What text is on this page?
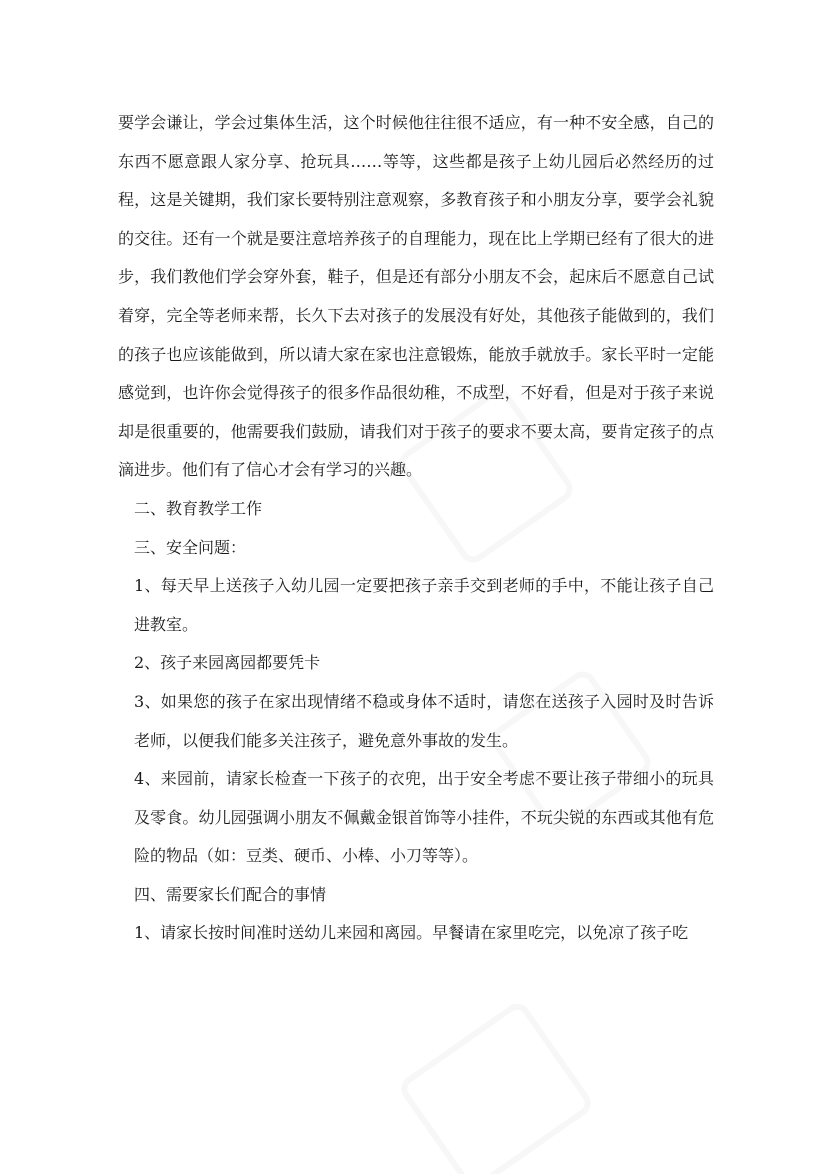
要学会谦让，学会过集体生活，这个时候他往往很不适应，有一种不安全感，自己的东西不愿意跟人家分享、抢玩具……等等，这些都是孩子上幼儿园后必然经历的过程，这是关键期，我们家长要特别注意观察，多教育孩子和小朋友分享，要学会礼貌的交往。还有一个就是要注意培养孩子的自理能力，现在比上学期已经有了很大的进步，我们教他们学会穿外套，鞋子，但是还有部分小朋友不会，起床后不愿意自己试着穿，完全等老师来帮，长久下去对孩子的发展没有好处，其他孩子能做到的，我们的孩子也应该能做到，所以请大家在家也注意锻炼，能放手就放手。家长平时一定能感觉到，也许你会觉得孩子的很多作品很幼稚，不成型，不好看，但是对于孩子来说却是很重要的，他需要我们鼓励，请我们对于孩子的要求不要太高，要肯定孩子的点滴进步。他们有了信心才会有学习的兴趣。

二、教育教学工作

三、安全问题：

1、每天早上送孩子入幼儿园一定要把孩子亲手交到老师的手中，不能让孩子自己进教室。

2、孩子来园离园都要凭卡

3、如果您的孩子在家出现情绪不稳或身体不适时，请您在送孩子入园时及时告诉老师，以便我们能多关注孩子，避免意外事故的发生。

4、来园前，请家长检查一下孩子的衣兜，出于安全考虑不要让孩子带细小的玩具及零食。幼儿园强调小朋友不佩戴金银首饰等小挂件，不玩尖锐的东西或其他有危险的物品（如：豆类、硬币、小棒、小刀等等）。

四、需要家长们配合的事情

1、请家长按时间准时送幼儿来园和离园。早餐请在家里吃完，以免凉了孩子吃
